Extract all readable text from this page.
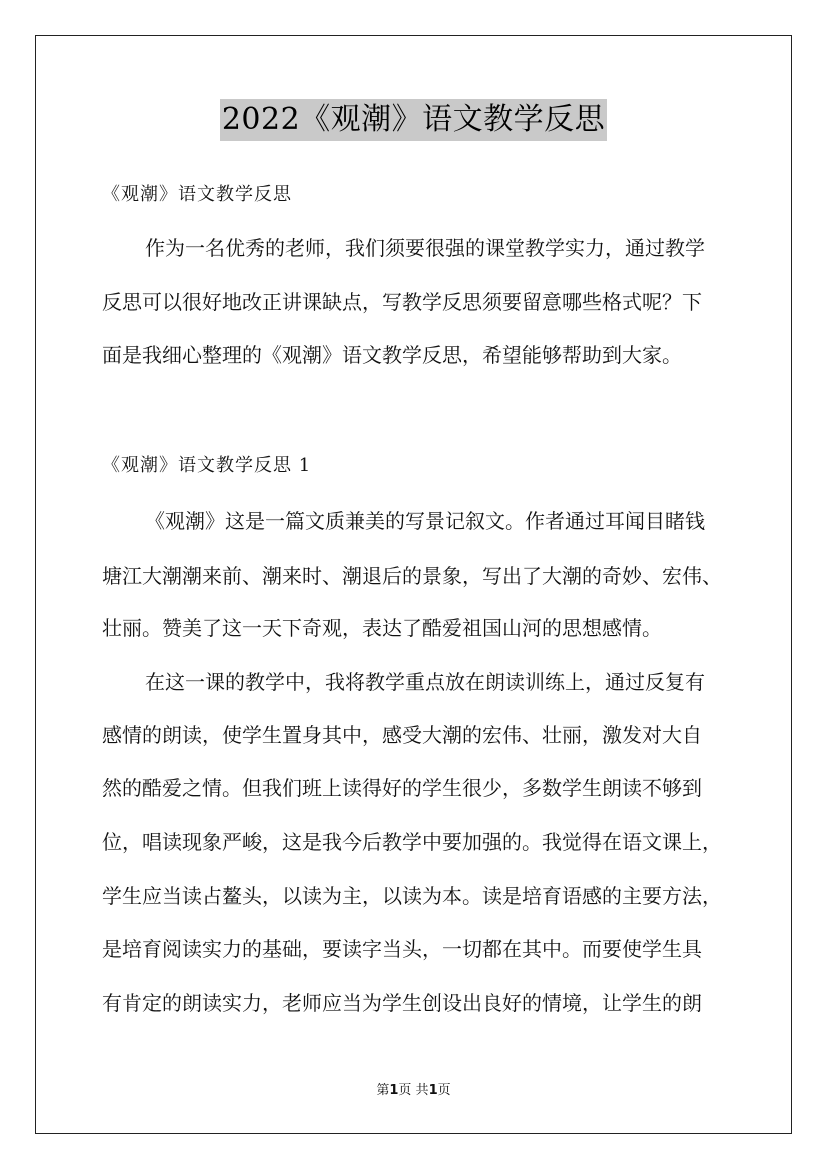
2022《观潮》语文教学反思
《观潮》语文教学反思
作为一名优秀的老师，我们须要很强的课堂教学实力，通过教学
反思可以很好地改正讲课缺点，写教学反思须要留意哪些格式呢？下
面是我细心整理的《观潮》语文教学反思，希望能够帮助到大家。
《观潮》语文教学反思 1
《观潮》这是一篇文质兼美的写景记叙文。作者通过耳闻目睹钱
塘江大潮潮来前、潮来时、潮退后的景象，写出了大潮的奇妙、宏伟、
壮丽。赞美了这一天下奇观，表达了酷爱祖国山河的思想感情。
在这一课的教学中，我将教学重点放在朗读训练上，通过反复有
感情的朗读，使学生置身其中，感受大潮的宏伟、壮丽，激发对大自
然的酷爱之情。但我们班上读得好的学生很少，多数学生朗读不够到
位，唱读现象严峻，这是我今后教学中要加强的。我觉得在语文课上，
学生应当读占鳌头，以读为主，以读为本。读是培育语感的主要方法，
是培育阅读实力的基础，要读字当头，一切都在其中。而要使学生具
有肯定的朗读实力，老师应当为学生创设出良好的情境，让学生的朗
第1页 共1页
